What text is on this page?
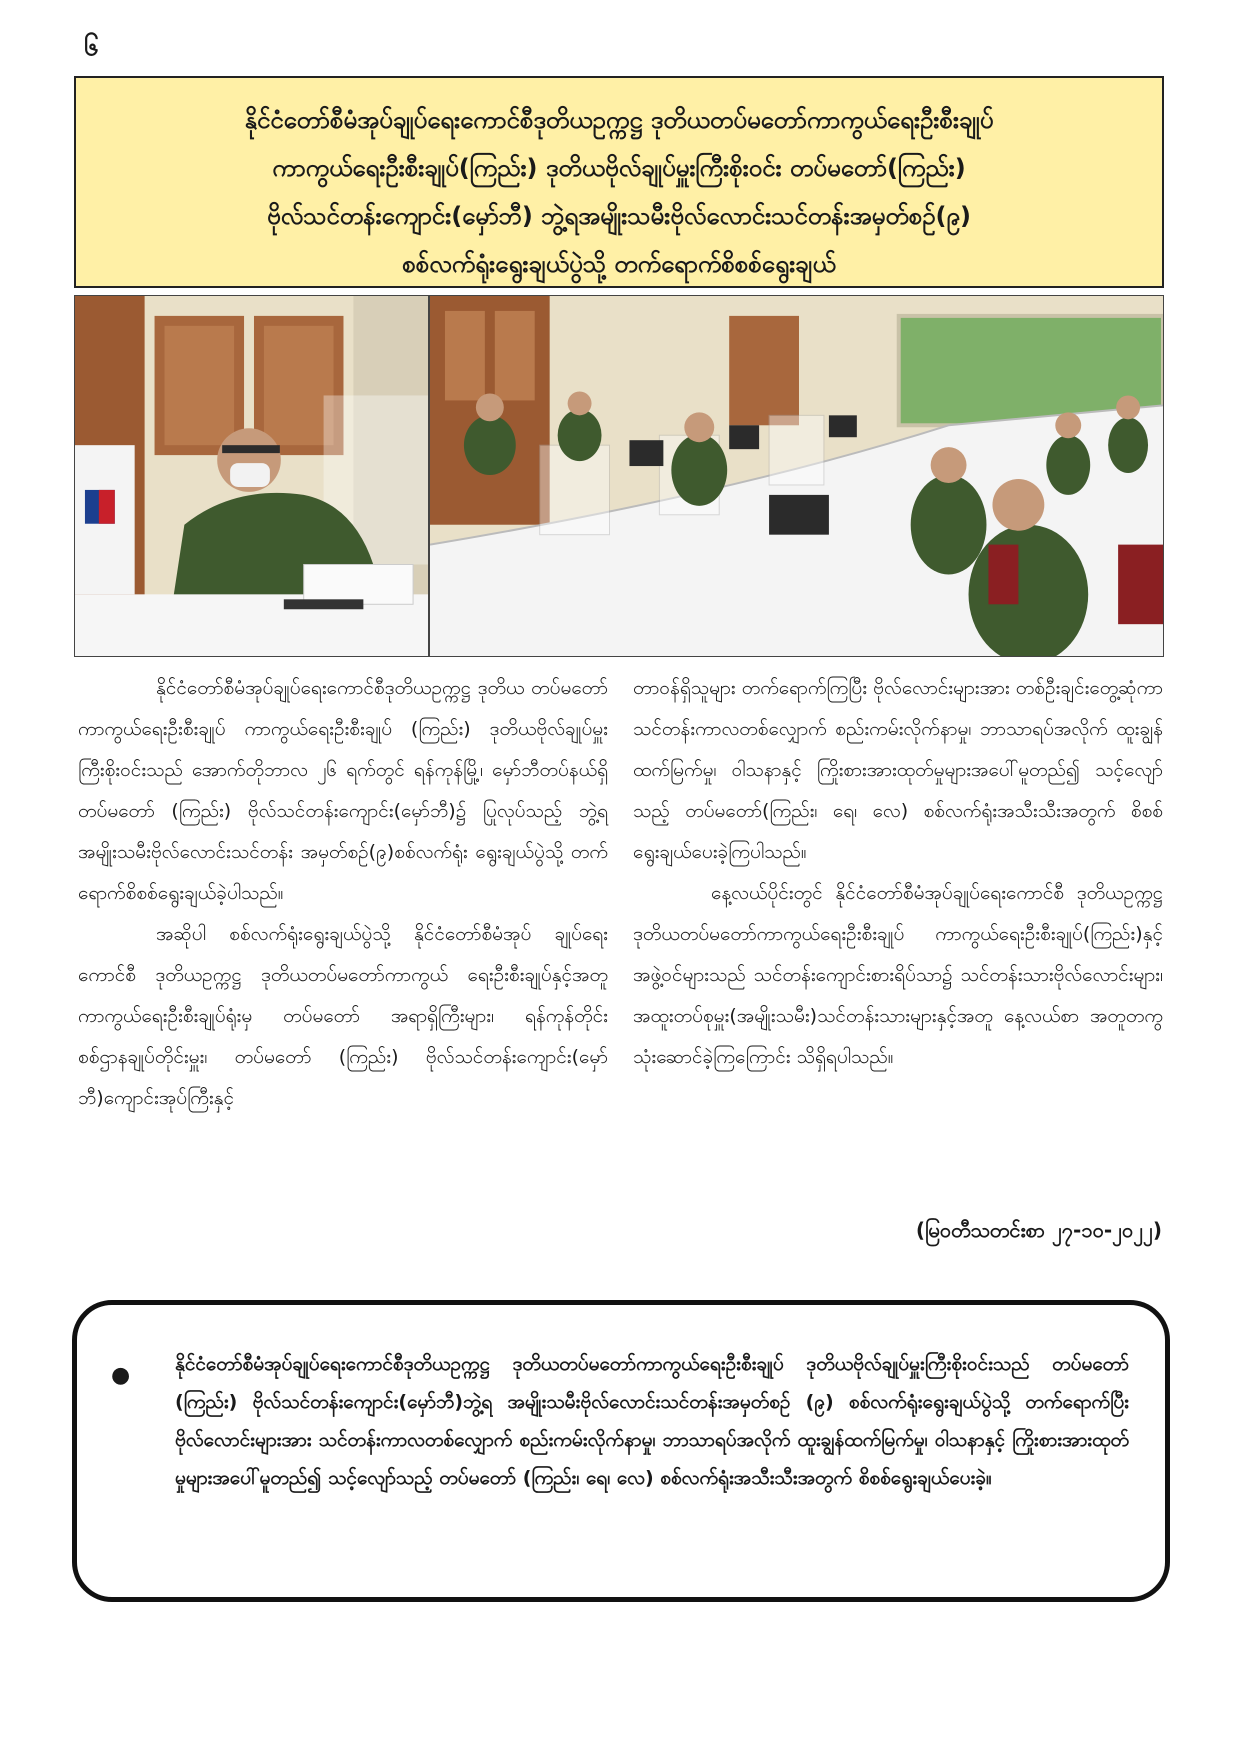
၆
နိုင်ငံတော်စီမံအုပ်ချုပ်ရေးကောင်စီဒုတိယဥက္ကဋ္ဌ ဒုတိယတပ်မတော်ကာကွယ်ရေးဦးစီးချုပ်
ကာကွယ်ရေးဦးစီးချုပ်(ကြည်း) ဒုတိယဗိုလ်ချုပ်မှူးကြီးစိုးဝင်း တပ်မတော်(ကြည်း)
ဗိုလ်သင်တန်းကျောင်း(မှော်ဘီ) ဘွဲ့ရအမျိုးသမီးဗိုလ်လောင်းသင်တန်းအမှတ်စဉ်(၉)
စစ်လက်ရုံးရွေးချယ်ပွဲသို့ တက်ရောက်စိစစ်ရွေးချယ်

နိုင်ငံတော်စီမံအုပ်ချုပ်ရေးကောင်စီဒုတိယဥက္ကဋ္ဌ ဒုတိယ တပ်မတော်ကာကွယ်ရေးဦးစီးချုပ် ကာကွယ်ရေးဦးစီးချုပ် (ကြည်း) ဒုတိယဗိုလ်ချုပ်မှူးကြီးစိုးဝင်းသည် အောက်တိုဘာလ ၂၆ ရက်တွင် ရန်ကုန်မြို့၊ မှော်ဘီတပ်နယ်ရှိ တပ်မတော် (ကြည်း) ဗိုလ်သင်တန်းကျောင်း(မှော်ဘီ)၌ ပြုလုပ်သည့် ဘွဲ့ရ အမျိုးသမီးဗိုလ်လောင်းသင်တန်း အမှတ်စဉ်(၉)စစ်လက်ရုံး ရွေးချယ်ပွဲသို့ တက်ရောက်စိစစ်ရွေးချယ်ခဲ့ပါသည်။

အဆိုပါ စစ်လက်ရုံးရွေးချယ်ပွဲသို့ နိုင်ငံတော်စီမံအုပ် ချုပ်ရေးကောင်စီ ဒုတိယဥက္ကဋ္ဌ ဒုတိယတပ်မတော်ကာကွယ် ရေးဦးစီးချုပ်နှင့်အတူ ကာကွယ်ရေးဦးစီးချုပ်ရုံးမှ တပ်မတော် အရာရှိကြီးများ၊ ရန်ကုန်တိုင်းစစ်ဌာနချုပ်တိုင်းမှူး၊ တပ်မတော် (ကြည်း) ဗိုလ်သင်တန်းကျောင်း(မှော်ဘီ)ကျောင်းအုပ်ကြီးနှင့်

တာဝန်ရှိသူများ တက်ရောက်ကြပြီး ဗိုလ်လောင်းများအား တစ်ဦးချင်းတွေ့ဆုံကာ သင်တန်းကာလတစ်လျှောက် စည်းကမ်းလိုက်နာမှု၊ ဘာသာရပ်အလိုက် ထူးချွန်ထက်မြက်မှု၊ ဝါသနာနှင့် ကြိုးစားအားထုတ်မှုများအပေါ်မူတည်၍ သင့်လျော်သည့် တပ်မတော်(ကြည်း၊ ရေ၊ လေ) စစ်လက်ရုံးအသီးသီးအတွက် စိစစ်ရွေးချယ်ပေးခဲ့ကြပါသည်။

နေ့လယ်ပိုင်းတွင် နိုင်ငံတော်စီမံအုပ်ချုပ်ရေးကောင်စီ ဒုတိယဥက္ကဋ္ဌ ဒုတိယတပ်မတော်ကာကွယ်ရေးဦးစီးချုပ် ကာကွယ်ရေးဦးစီးချုပ်(ကြည်း)နှင့် အဖွဲ့ဝင်များသည် သင်တန်းကျောင်းစားရိပ်သာ၌ သင်တန်းသားဗိုလ်လောင်းများ၊ အထူးတပ်စုမှူး(အမျိုးသမီး)သင်တန်းသားများနှင့်အတူ နေ့လယ်စာ အတူတကွသုံးဆောင်ခဲ့ကြကြောင်း သိရှိရပါသည်။

(မြဝတီသတင်းစာ ၂၇-၁၀-၂၀၂၂)
● နိုင်ငံတော်စီမံအုပ်ချုပ်ရေးကောင်စီဒုတိယဥက္ကဋ္ဌ ဒုတိယတပ်မတော်ကာကွယ်ရေးဦးစီးချုပ် ဒုတိယဗိုလ်ချုပ်မှူးကြီးစိုးဝင်းသည် တပ်မတော် (ကြည်း) ဗိုလ်သင်တန်းကျောင်း(မှော်ဘီ)ဘွဲ့ရ အမျိုးသမီးဗိုလ်လောင်းသင်တန်းအမှတ်စဉ် (၉) စစ်လက်ရုံးရွေးချယ်ပွဲသို့ တက်ရောက်ပြီး ဗိုလ်လောင်းများအား သင်တန်းကာလတစ်လျှောက် စည်းကမ်းလိုက်နာမှု၊ ဘာသာရပ်အလိုက် ထူးချွန်ထက်မြက်မှု၊ ဝါသနာနှင့် ကြိုးစားအားထုတ်မှုများအပေါ်မူတည်၍ သင့်လျော်သည့် တပ်မတော် (ကြည်း၊ ရေ၊ လေ) စစ်လက်ရုံးအသီးသီးအတွက် စိစစ်ရွေးချယ်ပေးခဲ့။
